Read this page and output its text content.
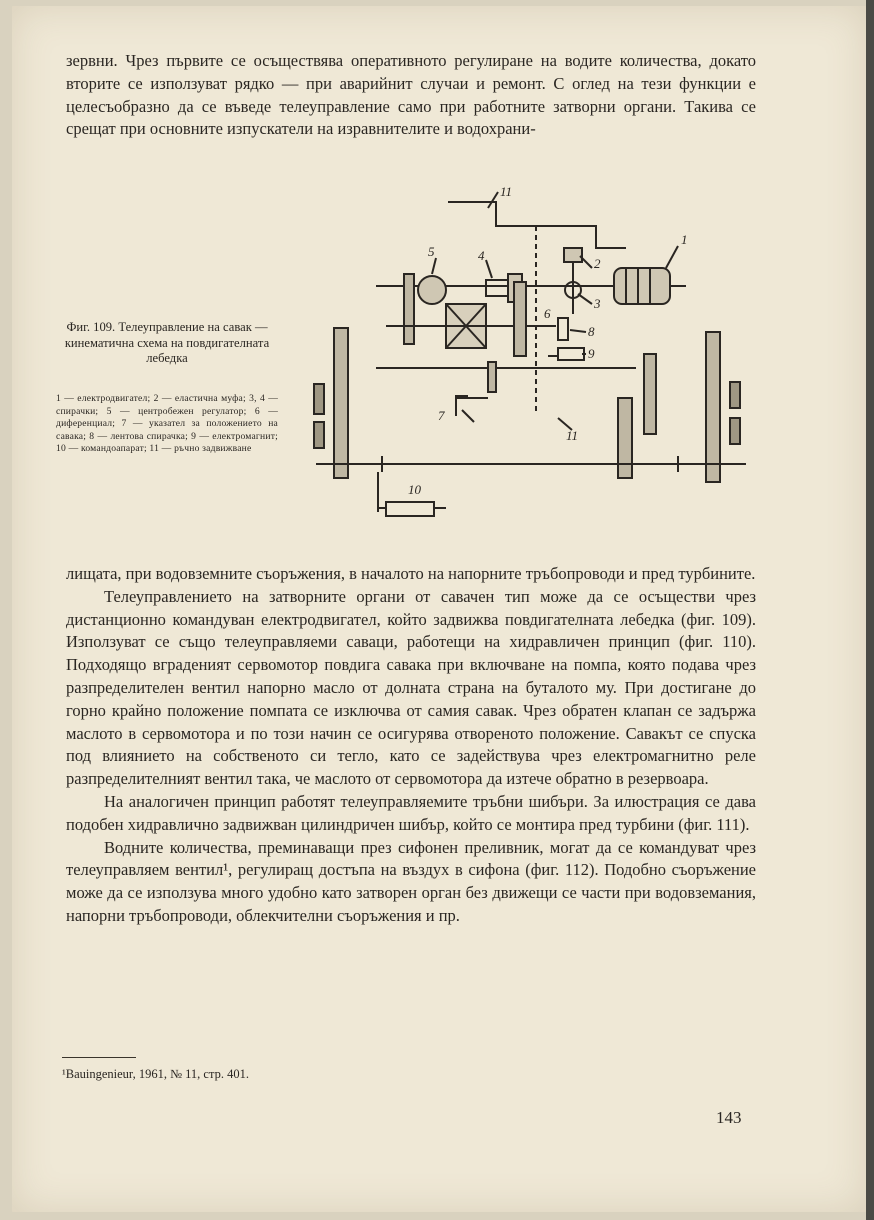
зервни. Чрез първите се осъществява оперативното регулиране на водите количества, докато вторите се използуват рядко — при аварийнит случаи и ремонт. С оглед на тези функции е целесъобразно да се въведе телеуправление само при работните затворни органи. Такива се срещат при основните изпускатели на изравнителите и водохрани-

Фиг. 109. Телеуправление на савак — кинематична схема на повдигателната лебедка
1 — електродвигател; 2 — еластична муфа; 3, 4 — спирачки; 5 — центробежен регулатор; 6 — диференциал; 7 — указател за положението на савака; 8 — лентова спирачка; 9 — електромагнит; 10 — командоапарат; 11 — ръчно задвижване
1
2
3
4
5
6
7
8
9
10
11
11

лищата, при водовземните съоръжения, в началото на напорните тръбопроводи и пред турбините.

Телеуправлението на затворните органи от савачен тип може да се осъществи чрез дистанционно командуван електродвигател, който задвижва повдигателната лебедка (фиг. 109). Използуват се също телеуправляеми саваци, работещи на хидравличен принцип (фиг. 110). Подходящо вграденият сервомотор повдига савака при включване на помпа, която подава чрез разпределителен вентил напорно масло от долната страна на буталото му. При достигане до горно крайно положение помпата се изключва от самия савак. Чрез обратен клапан се задържа маслото в сервомотора и по този начин се осигурява отвореното положение. Савакът се спуска под влиянието на собственото си тегло, като се задействува чрез електромагнитно реле разпределителният вентил така, че маслото от сервомотора да изтече обратно в резервоара.

На аналогичен принцип работят телеуправляемите тръбни шибъри. За илюстрация се дава подобен хидравлично задвижван цилиндричен шибър, който се монтира пред турбини (фиг. 111).

Водните количества, преминаващи през сифонен преливник, могат да се командуват чрез телеуправляем вентил¹, регулиращ достъпа на въздух в сифона (фиг. 112). Подобно съоръжение може да се използува много удобно като затворен орган без движещи се части при водовземания, напорни тръбопроводи, облекчителни съоръжения и пр.

¹Bauingenieur, 1961, № 11, стр. 401.
143
